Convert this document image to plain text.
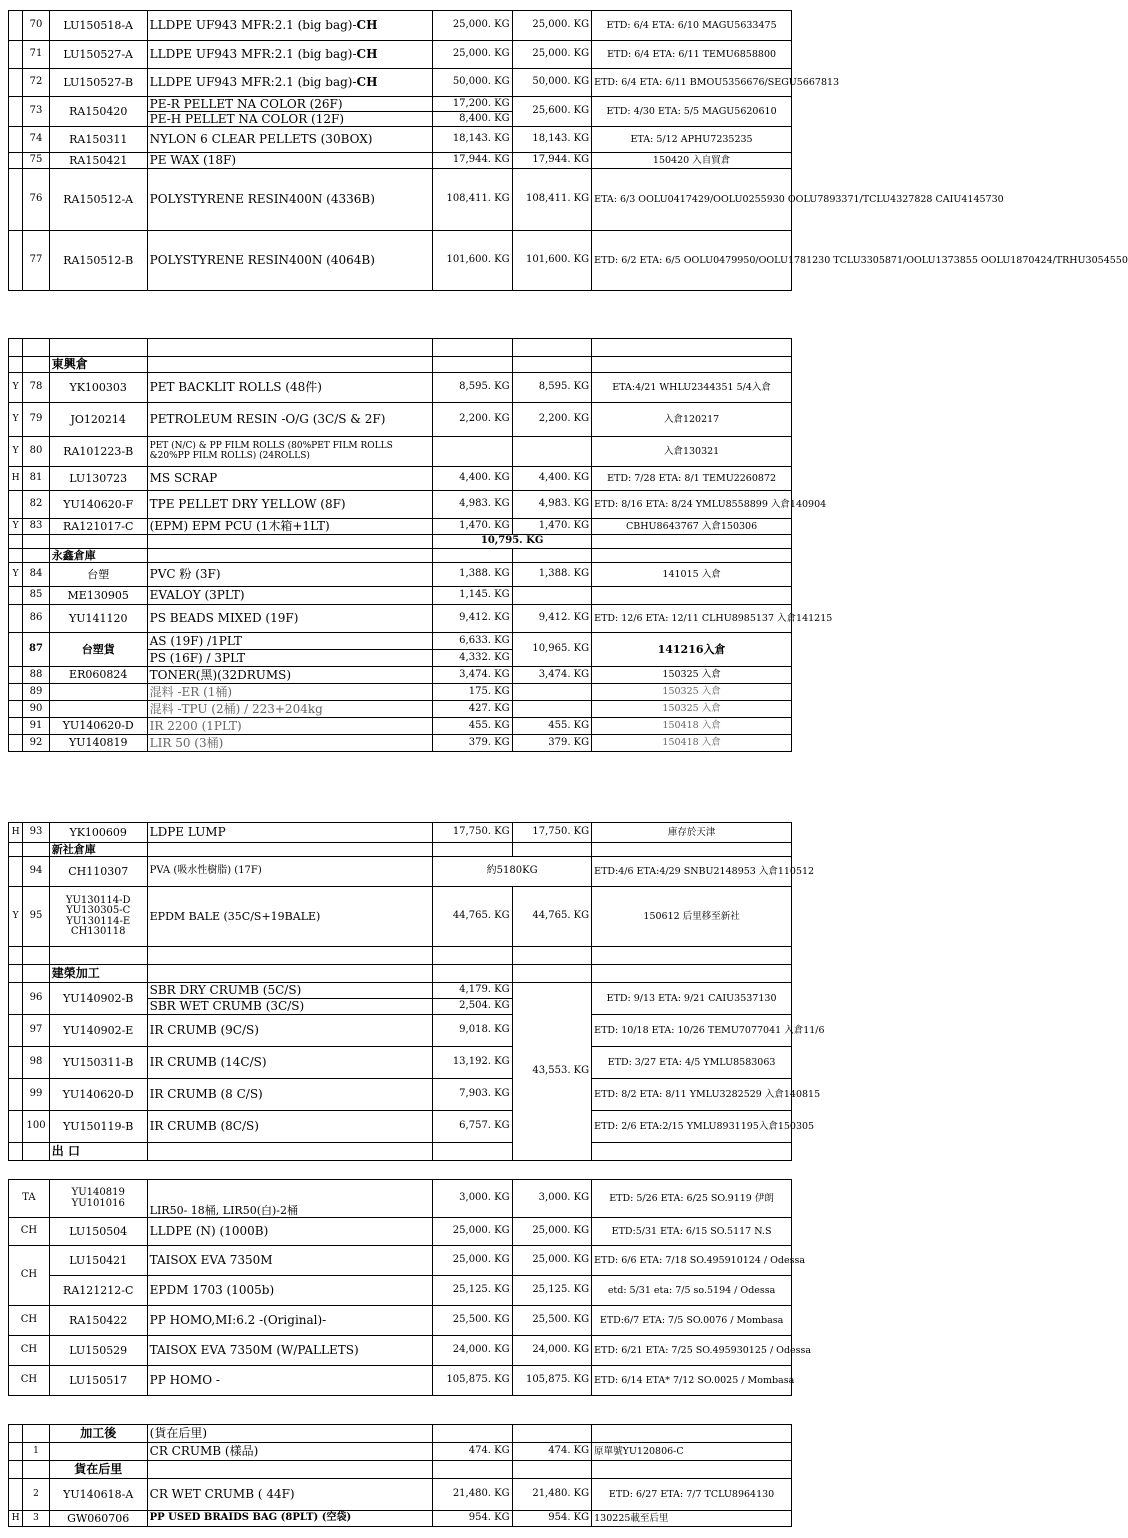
	70	LU150518-A	LLDPE UF943 MFR:2.1 (big bag)-CH	25,000. KG	25,000. KG	ETD: 6/4 ETA: 6/10 MAGU5633475
	71	LU150527-A	LLDPE UF943 MFR:2.1 (big bag)-CH	25,000. KG	25,000. KG	ETD: 6/4 ETA: 6/11 TEMU6858800
	72	LU150527-B	LLDPE UF943 MFR:2.1 (big bag)-CH	50,000. KG	50,000. KG	ETD: 6/4 ETA: 6/11 BMOU5356676/SEGU5667813
	73	RA150420	PE-R PELLET NA COLOR (26F)	17,200. KG	25,600. KG	ETD: 4/30 ETA: 5/5 MAGU5620610
			PE-H PELLET NA COLOR (12F)	8,400. KG		
	74	RA150311	NYLON 6 CLEAR PELLETS (30BOX)	18,143. KG	18,143. KG	ETA: 5/12 APHU7235235
	75	RA150421	PE WAX (18F)	17,944. KG	17,944. KG	150420 入自貿倉
	76	RA150512-A	POLYSTYRENE RESIN400N (4336B)	108,411. KG	108,411. KG	ETA: 6/3 OOLU0417429/OOLU0255930 OOLU7893371/TCLU4327828 CAIU4145730
	77	RA150512-B	POLYSTYRENE RESIN400N (4064B)	101,600. KG	101,600. KG	ETD: 6/2 ETA: 6/5 OOLU0479950/OOLU1781230 TCLU3305871/OOLU1373855 OOLU1870424/TRHU3054550

		東興倉				
Y	78	YK100303	PET BACKLIT ROLLS (48件)	8,595. KG	8,595. KG	ETA:4/21 WHLU2344351 5/4入倉
Y	79	JO120214	PETROLEUM RESIN -O/G (3C/S & 2F)	2,200. KG	2,200. KG	入倉120217
Y	80	RA101223-B	PET (N/C) & PP FILM ROLLS (80%PET FILM ROLLS &20%PP FILM ROLLS) (24ROLLS)			入倉130321
H	81	LU130723	MS SCRAP	4,400. KG	4,400. KG	ETD: 7/28 ETA: 8/1 TEMU2260872
	82	YU140620-F	TPE PELLET DRY YELLOW (8F)	4,983. KG	4,983. KG	ETD: 8/16 ETA: 8/24 YMLU8558899 入倉140904
Y	83	RA121017-C	(EPM) EPM PCU (1木箱+1LT)	1,470. KG	1,470. KG	CBHU8643767 入倉150306
				10,795. KG		
		永鑫倉庫				
Y	84	台塑	PVC 粉 (3F)	1,388. KG	1,388. KG	141015 入倉
	85	ME130905	EVALOY (3PLT)	1,145. KG		
	86	YU141120	PS BEADS MIXED (19F)	9,412. KG	9,412. KG	ETD: 12/6 ETA: 12/11 CLHU8985137 入倉141215
	87	台塑貨	AS (19F) /1PLT	6,633. KG	10,965. KG	141216入倉
			PS (16F) / 3PLT	4,332. KG		
	88	ER060824	TONER(黑)(32DRUMS)	3,474. KG	3,474. KG	150325 入倉
	89		混料 -ER (1桶)	175. KG		150325 入倉
	90		混料 -TPU (2桶) / 223+204kg	427. KG		150325 入倉
	91	YU140620-D	IR 2200 (1PLT)	455. KG	455. KG	150418 入倉
	92	YU140819	LIR 50 (3桶)	379. KG	379. KG	150418 入倉
H	93	YK100609	LDPE LUMP	17,750. KG	17,750. KG	庫存於天津
		新社倉庫				
	94	CH110307	PVA (吸水性樹脂) (17F)	約5180KG		ETD:4/6 ETA:4/29 SNBU2148953 入倉110512
Y	95	YU130114-D YU130305-C YU130114-E CH130118	EPDM BALE (35C/S+19BALE)	44,765. KG	44,765. KG	150612 后里移至新社

		建榮加工				
	96	YU140902-B	SBR DRY CRUMB (5C/S)	4,179. KG	43,553. KG	ETD: 9/13 ETA: 9/21 CAIU3537130
			SBR WET CRUMB (3C/S)	2,504. KG		
	97	YU140902-E	IR CRUMB (9C/S)	9,018. KG		ETD: 10/18 ETA: 10/26 TEMU7077041 入倉11/6
	98	YU150311-B	IR CRUMB (14C/S)	13,192. KG		ETD: 3/27 ETA: 4/5 YMLU8583063
	99	YU140620-D	IR CRUMB (8 C/S)	7,903. KG		ETD: 8/2 ETA: 8/11 YMLU3282529 入倉140815
	100	YU150119-B	IR CRUMB (8C/S)	6,757. KG		ETD: 2/6 ETA:2/15 YMLU8931195入倉150305
		出 口				
TA	YU140819 YU101016	LIR50- 18桶, LIR50(白)-2桶	3,000. KG	3,000. KG	ETD: 5/26 ETA: 6/25 SO.9119 伊朗
CH	LU150504	LLDPE (N) (1000B)	25,000. KG	25,000. KG	ETD:5/31 ETA: 6/15 SO.5117 N.S
CH	LU150421	TAISOX EVA 7350M	25,000. KG	25,000. KG	ETD: 6/6 ETA: 7/18 SO.495910124 / Odessa
	RA121212-C	EPDM 1703 (1005b)	25,125. KG	25,125. KG	etd: 5/31 eta: 7/5 so.5194 / Odessa
CH	RA150422	PP HOMO,MI:6.2 -(Original)-	25,500. KG	25,500. KG	ETD:6/7 ETA: 7/5 SO.0076 / Mombasa
CH	LU150529	TAISOX EVA 7350M (W/PALLETS)	24,000. KG	24,000. KG	ETD: 6/21 ETA: 7/25 SO.495930125 / Odessa
CH	LU150517	PP HOMO -	105,875. KG	105,875. KG	ETD: 6/14 ETA* 7/12 SO.0025 / Mombasa
		加工後	(貨在后里)			
	1		CR CRUMB (樣品)	474. KG	474. KG	原單號YU120806-C
		貨在后里				
	2	YU140618-A	CR WET CRUMB ( 44F)	21,480. KG	21,480. KG	ETD: 6/27 ETA: 7/7 TCLU8964130
H	3	GW060706	PP USED BRAIDS BAG (8PLT) (空袋)	954. KG	954. KG	130225載至后里
